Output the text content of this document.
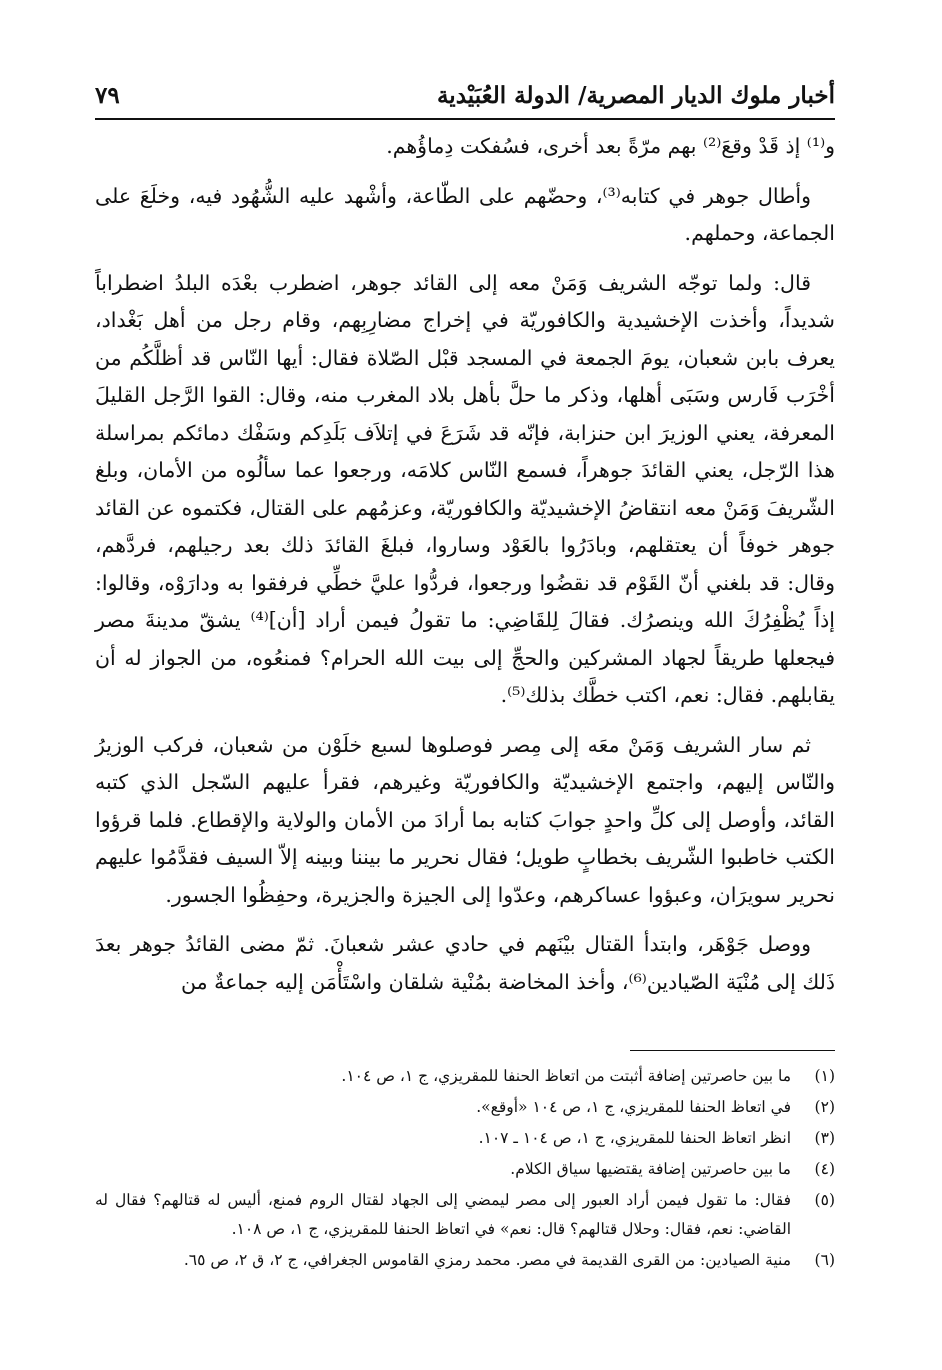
أخبار ملوك الديار المصرية/ الدولة العُبَيْدية
٧٩

و⁽¹⁾ إذ قَدْ وقعَ⁽²⁾ بهم مرّةً بعد أخرى، فسُفكت دِماؤُهم.

وأطال جوهر في كتابه⁽³⁾، وحضّهم على الطّاعة، وأشْهد عليه الشُّهُود فيه، وخلَعَ على الجماعة، وحملهم.

قال: ولما توجّه الشريف وَمَنْ معه إلى القائد جوهر، اضطرب بعْدَه البلدُ اضطراباً شديداً، وأخذت الإخشيدية والكافوريّة في إخراج مضارِبِهم، وقام رجل من أهل بَغْداد، يعرف بابن شعبان، يومَ الجمعة في المسجد قبْل الصّلاة فقال: أيها النّاس قد أظلَّكُم من أخْرَب فَارس وسَبَى أهلها، وذكر ما حلَّ بأهل بلاد المغرب منه، وقال: القوا الرَّجل القليلَ المعرفة، يعني الوزيرَ ابن حنزابة، فإنّه قد شَرَعَ في إتلاَف بَلَدِكم وسَفْك دمائكم بمراسلة هذا الرّجل، يعني القائدَ جوهراً، فسمع النّاس كلامَه، ورجعوا عما سألُوه من الأمان، وبلغ الشّريفَ وَمَنْ معه انتقاضُ الإخشيديّة والكافوريّة، وعزمُهم على القتال، فكتموه عن القائد جوهر خوفاً أن يعتقلهم، وبادَرُوا بالعَوْد وساروا، فبلغَ القائدَ ذلك بعد رجيلهم، فردَّهم، وقال: قد بلغني أنّ القَوْم قد نقضُوا ورجعوا، فردُّوا عليَّ خطِّي فرفقوا به ودارَوْه، وقالوا: إذاً يُظْفِرُكَ الله وينصرُك. فقالَ لِلقَاضِي: ما تقولُ فيمن أراد [أن]⁽⁴⁾ يشقّ مدينةَ مصر فيجعلها طريقاً لجهاد المشركين والحجِّ إلى بيت الله الحرام؟ فمنعُوه، من الجواز له أن يقابلهم. فقال: نعم، اكتب خطَّك بذلك⁽⁵⁾.

ثم سار الشريف وَمَنْ معَه إلى مِصر فوصلوها لسبع خلَوْن من شعبان، فركب الوزيرُ والنّاس إليهم، واجتمع الإخشيديّة والكافوريّة وغيرهم، فقرأ عليهم السّجل الذي كتبه القائد، وأوصل إلى كلِّ واحدٍ جوابَ كتابه بما أرادَ من الأمان والولاية والإقطاع. فلما قرؤوا الكتب خاطبوا الشّريف بخطابٍ طويل؛ فقال نحرير ما بيننا وبينه إلاّ السيف فقدَّمُوا عليهم نحرير سويرَان، وعبؤوا عساكرهم، وعدّوا إلى الجيزة والجزيرة، وحفِظُوا الجسور.

ووصل جَوْهَر، وابتدأ القتال بيْنَهم في حادي عشر شعبانَ. ثمّ مضى القائدُ جوهر بعدَ ذَلك إلى مُنْيَة الصّيادين⁽⁶⁾، وأخذ المخاضة بمُنْية شلقان واسْتَأْمَن إليه جماعةٌ من

(١)
ما بين حاصرتين إضافة أثبتت من اتعاظ الحنفا للمقريزي، ج ١، ص ١٠٤.
(٢)
في اتعاظ الحنفا للمقريزي، ج ١، ص ١٠٤ «أوقع».
(٣)
انظر اتعاظ الحنفا للمقريزي، ج ١، ص ١٠٤ ـ ١٠٧.
(٤)
ما بين حاصرتين إضافة يقتضيها سياق الكلام.
(٥)
فقال: ما تقول فيمن أراد العبور إلى مصر ليمضي إلى الجهاد لقتال الروم فمنع، أليس له قتالهم؟ فقال له القاضي: نعم، فقال: وحلال قتالهم؟ قال: نعم» في اتعاظ الحنفا للمقريزي، ج ١، ص ١٠٨.
(٦)
منية الصيادين: من القرى القديمة في مصر. محمد رمزي القاموس الجغرافي، ج ٢، ق ٢، ص ٦٥.
